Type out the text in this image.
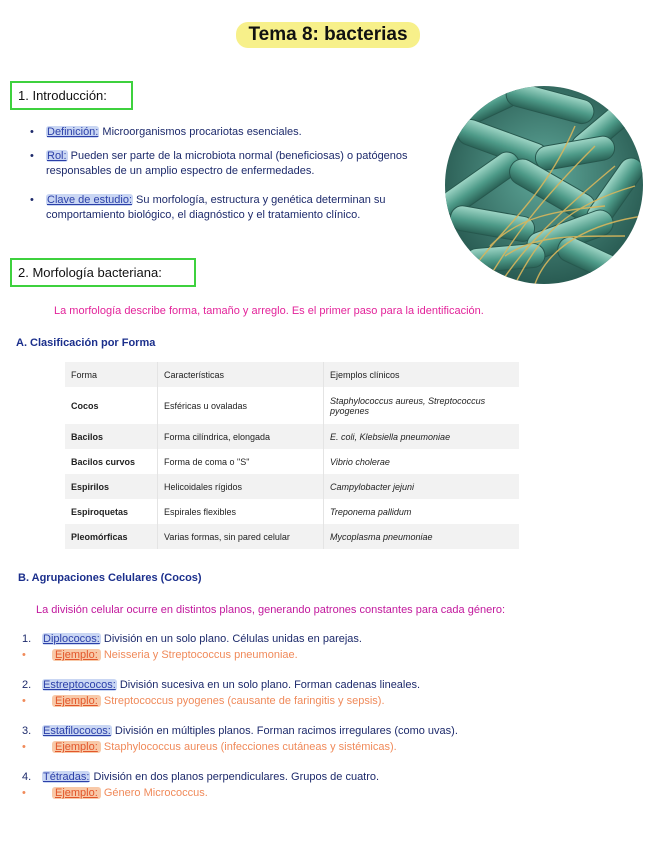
Tema 8: bacterias
1. Introducción:
• Definición: Microorganismos procariotas esenciales.
• Rol: Pueden ser parte de la microbiota normal (beneficiosas) o patógenos responsables de un amplio espectro de enfermedades.
• Clave de estudio: Su morfología, estructura y genética determinan su comportamiento biológico, el diagnóstico y el tratamiento clínico.
2. Morfología bacteriana:
La morfología describe forma, tamaño y arreglo. Es el primer paso para la identificación.
A. Clasificación por Forma
Forma	Características	Ejemplos clínicos
Cocos	Esféricas u ovaladas	Staphylococcus aureus, Streptococcus pyogenes
Bacilos	Forma cilíndrica, elongada	E. coli, Klebsiella pneumoniae
Bacilos curvos	Forma de coma o "S"	Vibrio cholerae
Espirilos	Helicoidales rígidos	Campylobacter jejuni
Espiroquetas	Espirales flexibles	Treponema pallidum
Pleomórficas	Varias formas, sin pared celular	Mycoplasma pneumoniae
B. Agrupaciones Celulares (Cocos)
La división celular ocurre en distintos planos, generando patrones constantes para cada género:
1. Diplococos: División en un solo plano. Células unidas en parejas.
•	Ejemplo: Neisseria y Streptococcus pneumoniae.
2. Estreptococos: División sucesiva en un solo plano. Forman cadenas lineales.
•	Ejemplo: Streptococcus pyogenes (causante de faringitis y sepsis).
3. Estafilococos: División en múltiples planos. Forman racimos irregulares (como uvas).
•	Ejemplo: Staphylococcus aureus (infecciones cutáneas y sistémicas).
4. Tétradas: División en dos planos perpendiculares. Grupos de cuatro.
•	Ejemplo: Género Micrococcus.
